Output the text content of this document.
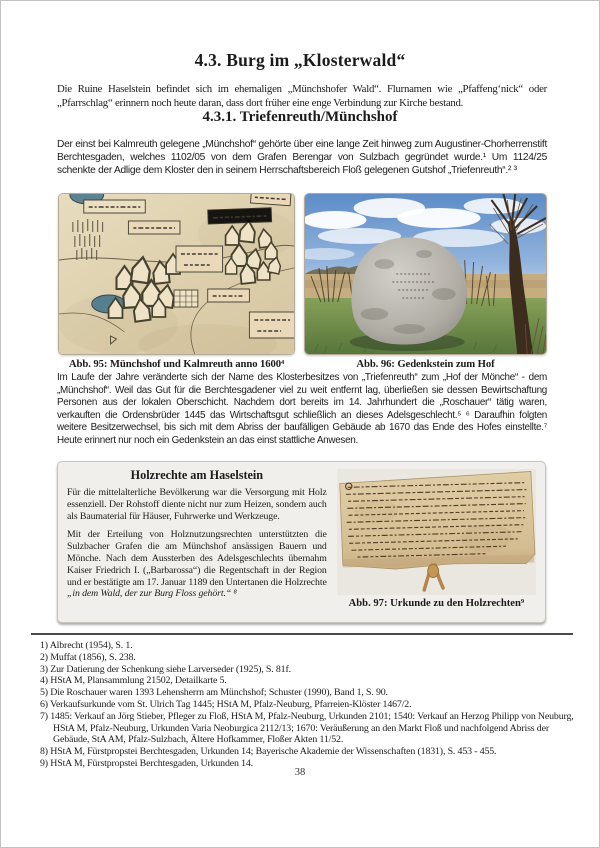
4.3. Burg im „Klosterwald“

Die Ruine Haselstein befindet sich im ehemaligen „Münchshofer Wald“. Flurnamen wie „Pfaffeng‘nick“ oder „Pfarrschlag“ erinnern noch heute daran, dass dort früher eine enge Verbindung zur Kirche bestand.

4.3.1. Triefenreuth/Münchshof

Der einst bei Kalmreuth gelegene „Münchshof“ gehörte über eine lange Zeit hinweg zum Augustiner-Chorherrenstift Berchtesgaden, welches 1102/05 von dem Grafen Berengar von Sulzbach gegründet wurde.¹ Um 1124/25 schenkte der Adlige dem Kloster den in seinem Herrschaftsbereich Floß gelegenen Gutshof „Triefenreuth“.² ³

Abb. 95: Münchshof und Kalmreuth anno 1600⁴	Abb. 96: Gedenkstein zum Hof

Im Laufe der Jahre veränderte sich der Name des Klosterbesitzes von „Triefenreuth“ zum „Hof der Mönche“ - dem „Münchshof“. Weil das Gut für die Berchtesgadener viel zu weit entfernt lag, überließen sie dessen Bewirtschaftung Personen aus der lokalen Oberschicht. Nachdem dort bereits im 14. Jahrhundert die „Roschauer“ tätig waren, verkauften die Ordensbrüder 1445 das Wirtschaftsgut schließlich an dieses Adelsgeschlecht.⁵ ⁶ Daraufhin folgten weitere Besitzerwechsel, bis sich mit dem Abriss der baufälligen Gebäude ab 1670 das Ende des Hofes einstellte.⁷ Heute erinnert nur noch ein Gedenkstein an das einst stattliche Anwesen.

Holzrechte am Haselstein

Für die mittelalterliche Bevölkerung war die Versorgung mit Holz essenziell. Der Rohstoff diente nicht nur zum Heizen, sondern auch als Baumaterial für Häuser, Fuhrwerke und Werkzeuge.

Mit der Erteilung von Holznutzungsrechten unterstützten die Sulzbacher Grafen die am Münchshof ansässigen Bauern und Mönche. Nach dem Aussterben des Adelsgeschlechts übernahm Kaiser Friedrich I. („Barbarossa“) die Regentschaft in der Region und er bestätigte am 17. Januar 1189 den Untertanen die Holzrechte „in dem Wald, der zur Burg Floss gehört.“ ⁸

Abb. 97: Urkunde zu den Holzrechten⁹
1) Albrecht (1954), S. 1.
2) Muffat (1856), S. 238.
3) Zur Datierung der Schenkung siehe Larverseder (1925), S. 81f.
4) HStA M, Plansammlung 21502, Detailkarte 5.
5) Die Roschauer waren 1393 Lehensherrn am Münchshof; Schuster (1990), Band 1, S. 90.
6) Verkaufsurkunde vom St. Ulrich Tag 1445; HStA M, Pfalz-Neuburg, Pfarreien-Klöster 1467/2.
7) 1485: Verkauf an Jörg Stieber, Pfleger zu Floß, HStA M, Pfalz-Neuburg, Urkunden 2101; 1540: Verkauf an Herzog Philipp von Neuburg, HStA M, Pfalz-Neuburg, Urkunden Varia Neoburgica 2112/13; 1670: Veräußerung an den Markt Floß und nachfolgend Abriss der Gebäude, StA AM, Pfalz-Sulzbach, Ältere Hofkammer, Floßer Akten 11/52.
8) HStA M, Fürstpropstei Berchtesgaden, Urkunden 14; Bayerische Akademie der Wissenschaften (1831), S. 453 - 455.
9) HStA M, Fürstpropstei Berchtesgaden, Urkunden 14.
38
